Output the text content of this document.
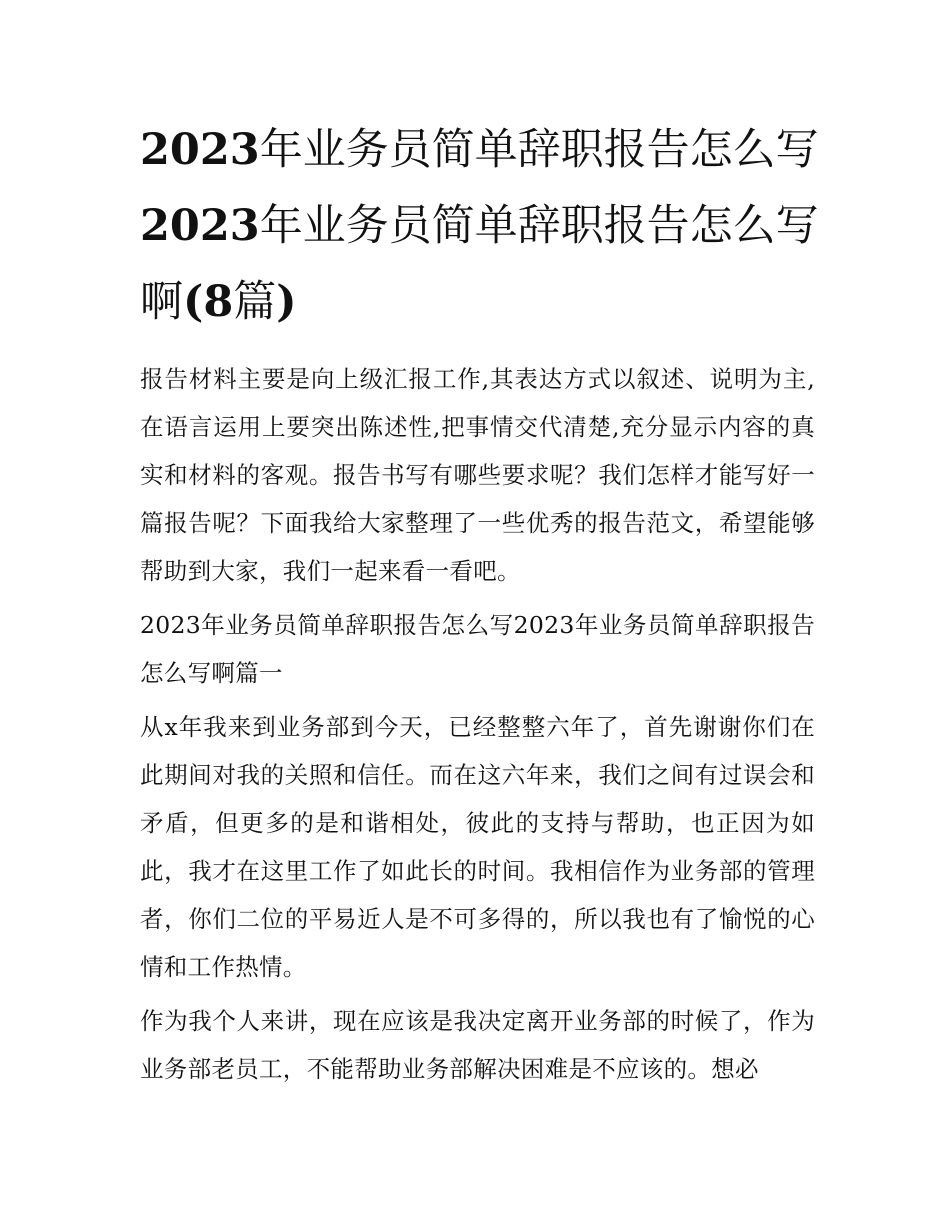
2023年业务员简单辞职报告怎么写2023年业务员简单辞职报告怎么写啊(8篇)

报告材料主要是向上级汇报工作,其表达方式以叙述、说明为主,在语言运用上要突出陈述性,把事情交代清楚,充分显示内容的真实和材料的客观。报告书写有哪些要求呢？我们怎样才能写好一篇报告呢？下面我给大家整理了一些优秀的报告范文，希望能够帮助到大家，我们一起来看一看吧。

2023年业务员简单辞职报告怎么写2023年业务员简单辞职报告怎么写啊篇一

从x年我来到业务部到今天，已经整整六年了，首先谢谢你们在此期间对我的关照和信任。而在这六年来，我们之间有过误会和矛盾，但更多的是和谐相处，彼此的支持与帮助，也正因为如此，我才在这里工作了如此长的时间。我相信作为业务部的管理者，你们二位的平易近人是不可多得的，所以我也有了愉悦的心情和工作热情。

作为我个人来讲，现在应该是我决定离开业务部的时候了，作为业务部老员工，不能帮助业务部解决困难是不应该的。想必
